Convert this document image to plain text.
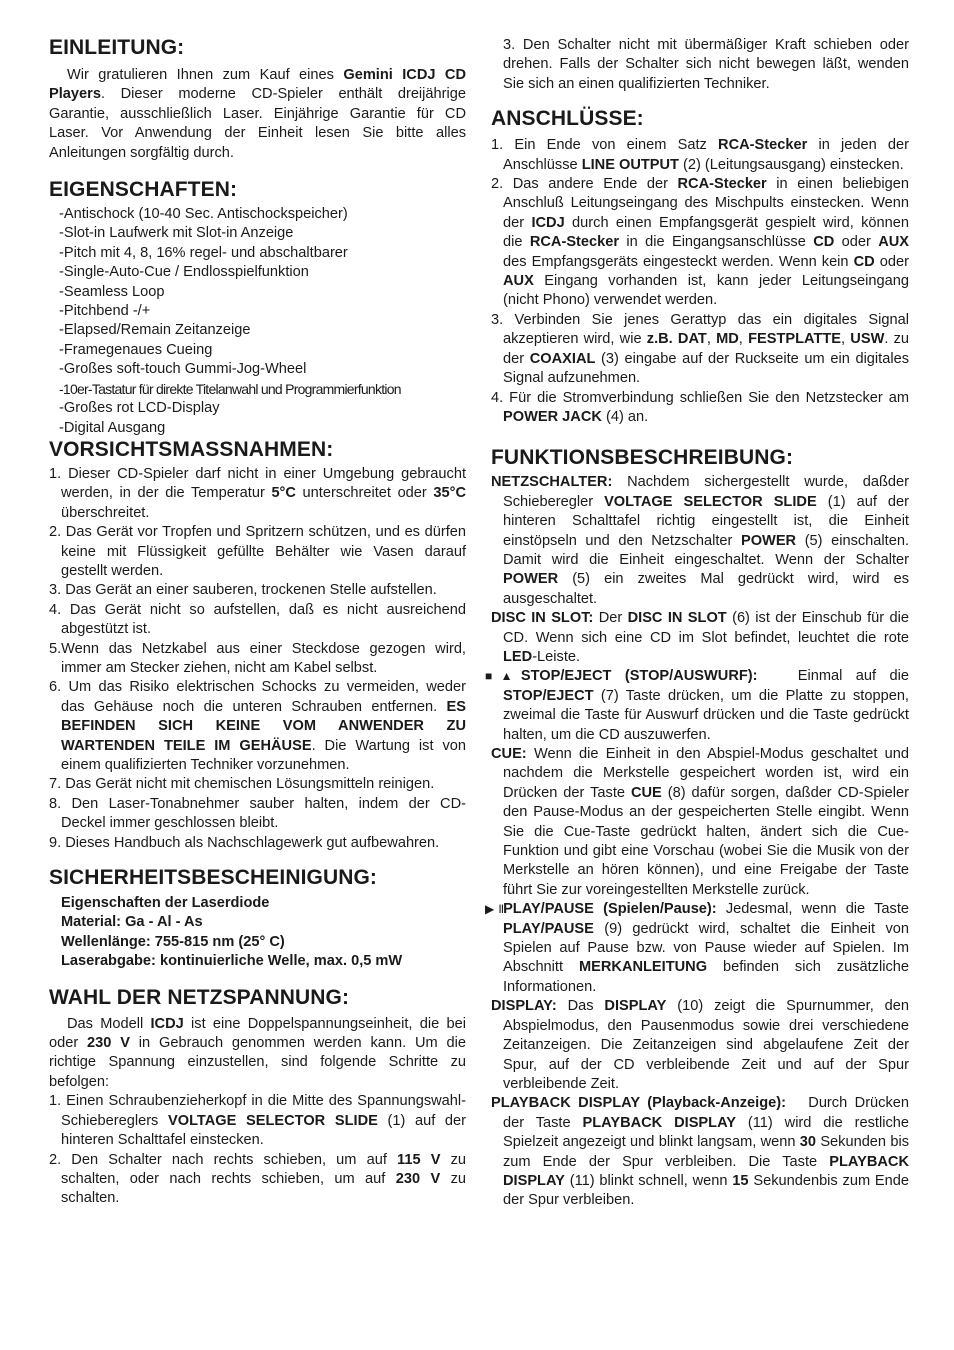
EINLEITUNG:

Wir gratulieren Ihnen zum Kauf eines Gemini ICDJ CD Players. Dieser moderne CD-Spieler enthält dreijährige Garantie, ausschließlich Laser. Einjährige Garantie für CD Laser. Vor Anwendung der Einheit lesen Sie bitte alles Anleitungen sorgfältig durch.

EIGENSCHAFTEN:
-Antischock (10-40 Sec. Antischockspeicher)
-Slot-in Laufwerk mit Slot-in Anzeige
-Pitch mit 4, 8, 16% regel- und abschaltbarer
-Single-Auto-Cue / Endlosspielfunktion
-Seamless Loop
-Pitchbend -/+
-Elapsed/Remain Zeitanzeige
-Framegenaues Cueing
-Großes soft-touch Gummi-Jog-Wheel
-10er-Tastatur für direkte Titelanwahl und Programmierfunktion
-Großes rot LCD-Display
-Digital Ausgang
VORSICHTSMASSNAHMEN:
1. Dieser CD-Spieler darf nicht in einer Umgebung gebraucht werden, in der die Temperatur 5°C unterschreitet oder 35°C überschreitet.
2. Das Gerät vor Tropfen und Spritzern schützen, und es dürfen keine mit Flüssigkeit gefüllte Behälter wie Vasen darauf gestellt werden.
3. Das Gerät an einer sauberen, trockenen Stelle aufstellen.
4. Das Gerät nicht so aufstellen, daß es nicht ausreichend abgestützt ist.
5.Wenn das Netzkabel aus einer Steckdose gezogen wird, immer am Stecker ziehen, nicht am Kabel selbst.
6. Um das Risiko elektrischen Schocks zu vermeiden, weder das Gehäuse noch die unteren Schrauben entfernen. ES BEFINDEN SICH KEINE VOM ANWENDER ZU WARTENDEN TEILE IM GEHÄUSE. Die Wartung ist von einem qualifizierten Techniker vorzunehmen.
7. Das Gerät nicht mit chemischen Lösungsmitteln reinigen.
8. Den Laser-Tonabnehmer sauber halten, indem der CD-Deckel immer geschlossen bleibt.
9. Dieses Handbuch als Nachschlagewerk gut aufbewahren.
SICHERHEITSBESCHEINIGUNG:
Eigenschaften der Laserdiode
Material: Ga - Al - As
Wellenlänge: 755-815 nm (25° C)
Laserabgabe: kontinuierliche Welle, max. 0,5 mW
WAHL DER NETZSPANNUNG:

Das Modell ICDJ ist eine Doppelspannungseinheit, die bei oder 230 V in Gebrauch genommen werden kann. Um die richtige Spannung einzustellen, sind folgende Schritte zu befolgen:

1. Einen Schraubenzieherkopf in die Mitte des Spannungswahl-Schiebereglers VOLTAGE SELECTOR SLIDE (1) auf der hinteren Schalttafel einstecken.
2. Den Schalter nach rechts schieben, um auf 115 V zu schalten, oder nach rechts schieben, um auf 230 V zu schalten.

3. Den Schalter nicht mit übermäßiger Kraft schieben oder drehen. Falls der Schalter sich nicht bewegen läßt, wenden Sie sich an einen qualifizierten Techniker.

ANSCHLÜSSE:
1. Ein Ende von einem Satz RCA-Stecker in jeden der Anschlüsse LINE OUTPUT (2) (Leitungsausgang) einstecken.
2. Das andere Ende der RCA-Stecker in einen beliebigen Anschluß Leitungseingang des Mischpults einstecken. Wenn der ICDJ durch einen Empfangsgerät gespielt wird, können die RCA-Stecker in die Eingangsanschlüsse CD oder AUX des Empfangsgeräts eingesteckt werden. Wenn kein CD oder AUX Eingang vorhanden ist, kann jeder Leitungseingang (nicht Phono) verwendet werden.
3. Verbinden Sie jenes Gerattyp das ein digitales Signal akzeptieren wird, wie z.B. DAT, MD, FESTPLATTE, USW. zu der COAXIAL (3) eingabe auf der Ruckseite um ein digitales Signal aufzunehmen.
4. Für die Stromverbindung schließen Sie den Netzstecker am POWER JACK (4) an.
FUNKTIONSBESCHREIBUNG:

NETZSCHALTER: Nachdem sichergestellt wurde, daßder Schieberegler VOLTAGE SELECTOR SLIDE (1) auf der hinteren Schalttafel richtig eingestellt ist, die Einheit einstöpseln und den Netzschalter POWER (5) einschalten. Damit wird die Einheit eingeschaltet. Wenn der Schalter POWER (5) ein zweites Mal gedrückt wird, wird es ausgeschaltet.

DISC IN SLOT: Der DISC IN SLOT (6) ist der Einschub für die CD. Wenn sich eine CD im Slot befindet, leuchtet die rote LED-Leiste.

■▲STOP/EJECT (STOP/AUSWURF):   Einmal auf die STOP/EJECT (7) Taste drücken, um die Platte zu stoppen, zweimal die Taste für Auswurf drücken und die Taste gedrückt halten, um die CD auszuwerfen.

CUE: Wenn die Einheit in den Abspiel-Modus geschaltet und nachdem die Merkstelle gespeichert worden ist, wird ein Drücken der Taste CUE (8) dafür sorgen, daßder CD-Spieler den Pause-Modus an der gespeicherten Stelle eingibt. Wenn Sie die Cue-Taste gedrückt halten, ändert sich die Cue-Funktion und gibt eine Vorschau (wobei Sie die Musik von der Merkstelle an hören können), und eine Freigabe der Taste führt Sie zur voreingestellten Merkstelle zurück.

▶IIPLAY/PAUSE (Spielen/Pause): Jedesmal, wenn die Taste PLAY/PAUSE (9) gedrückt wird, schaltet die Einheit von Spielen auf Pause bzw. von Pause wieder auf Spielen. Im Abschnitt MERKANLEITUNG befinden sich zusätzliche Informationen.

DISPLAY: Das DISPLAY (10) zeigt die Spurnummer, den Abspielmodus, den Pausenmodus sowie drei verschiedene Zeitanzeigen. Die Zeitanzeigen sind abgelaufene Zeit der Spur, auf der CD verbleibende Zeit und auf der Spur verbleibende Zeit.

PLAYBACK DISPLAY (Playback-Anzeige):   Durch Drücken der Taste PLAYBACK DISPLAY (11) wird die restliche Spielzeit angezeigt und blinkt langsam, wenn 30 Sekunden bis zum Ende der Spur verbleiben. Die Taste PLAYBACK DISPLAY (11) blinkt schnell, wenn 15 Sekundenbis zum Ende der Spur verbleiben.
